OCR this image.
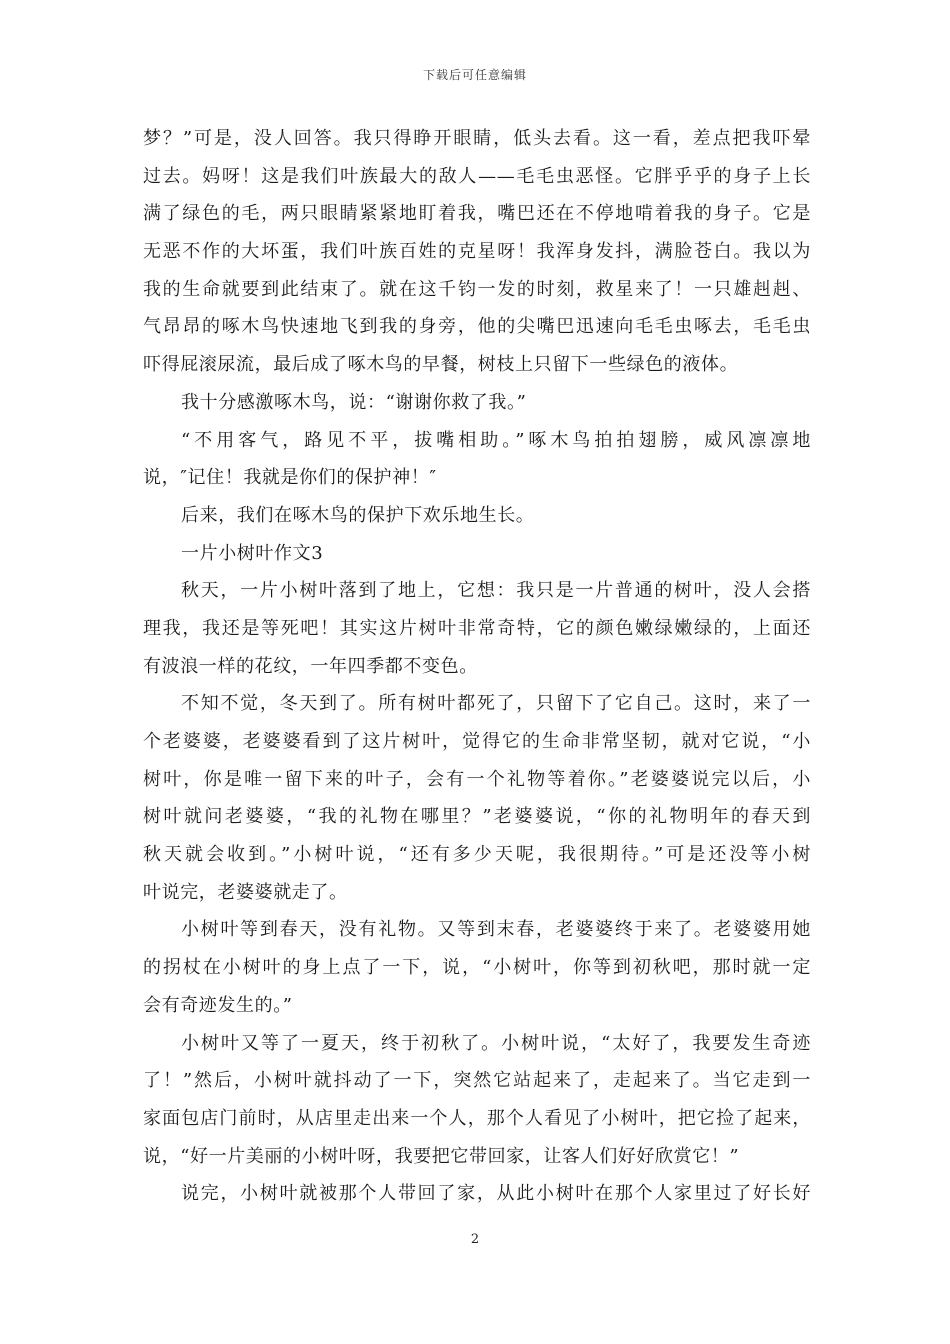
下载后可任意编辑
梦？”可是，没人回答。我只得睁开眼睛，低头去看。这一看，差点把我吓晕
过去。妈呀！这是我们叶族最大的敌人——毛毛虫恶怪。它胖乎乎的身子上长
满了绿色的毛，两只眼睛紧紧地盯着我，嘴巴还在不停地啃着我的身子。它是
无恶不作的大坏蛋，我们叶族百姓的克星呀！我浑身发抖，满脸苍白。我以为
我的生命就要到此结束了。就在这千钧一发的时刻，救星来了！一只雄赳赳、
气昂昂的啄木鸟快速地飞到我的身旁，他的尖嘴巴迅速向毛毛虫啄去，毛毛虫
吓得屁滚尿流，最后成了啄木鸟的早餐，树枝上只留下一些绿色的液体。
我十分感激啄木鸟，说：“谢谢你救了我。”
“不用客气，路见不平，拔嘴相助。”啄木鸟拍拍翅膀，威风凛凛地
说，″记住！我就是你们的保护神！″
后来，我们在啄木鸟的保护下欢乐地生长。
一片小树叶作文3
秋天，一片小树叶落到了地上，它想：我只是一片普通的树叶，没人会搭
理我，我还是等死吧！其实这片树叶非常奇特，它的颜色嫩绿嫩绿的，上面还
有波浪一样的花纹，一年四季都不变色。
不知不觉，冬天到了。所有树叶都死了，只留下了它自己。这时，来了一
个老婆婆，老婆婆看到了这片树叶，觉得它的生命非常坚韧，就对它说，“小
树叶，你是唯一留下来的叶子，会有一个礼物等着你。”老婆婆说完以后，小
树叶就问老婆婆，“我的礼物在哪里？”老婆婆说，“你的礼物明年的春天到
秋天就会收到。”小树叶说，“还有多少天呢，我很期待。”可是还没等小树
叶说完，老婆婆就走了。
小树叶等到春天，没有礼物。又等到末春，老婆婆终于来了。老婆婆用她
的拐杖在小树叶的身上点了一下，说，“小树叶，你等到初秋吧，那时就一定
会有奇迹发生的。”
小树叶又等了一夏天，终于初秋了。小树叶说，“太好了，我要发生奇迹
了！”然后，小树叶就抖动了一下，突然它站起来了，走起来了。当它走到一
家面包店门前时，从店里走出来一个人，那个人看见了小树叶，把它捡了起来，
说，“好一片美丽的小树叶呀，我要把它带回家，让客人们好好欣赏它！”
说完，小树叶就被那个人带回了家，从此小树叶在那个人家里过了好长好
2
